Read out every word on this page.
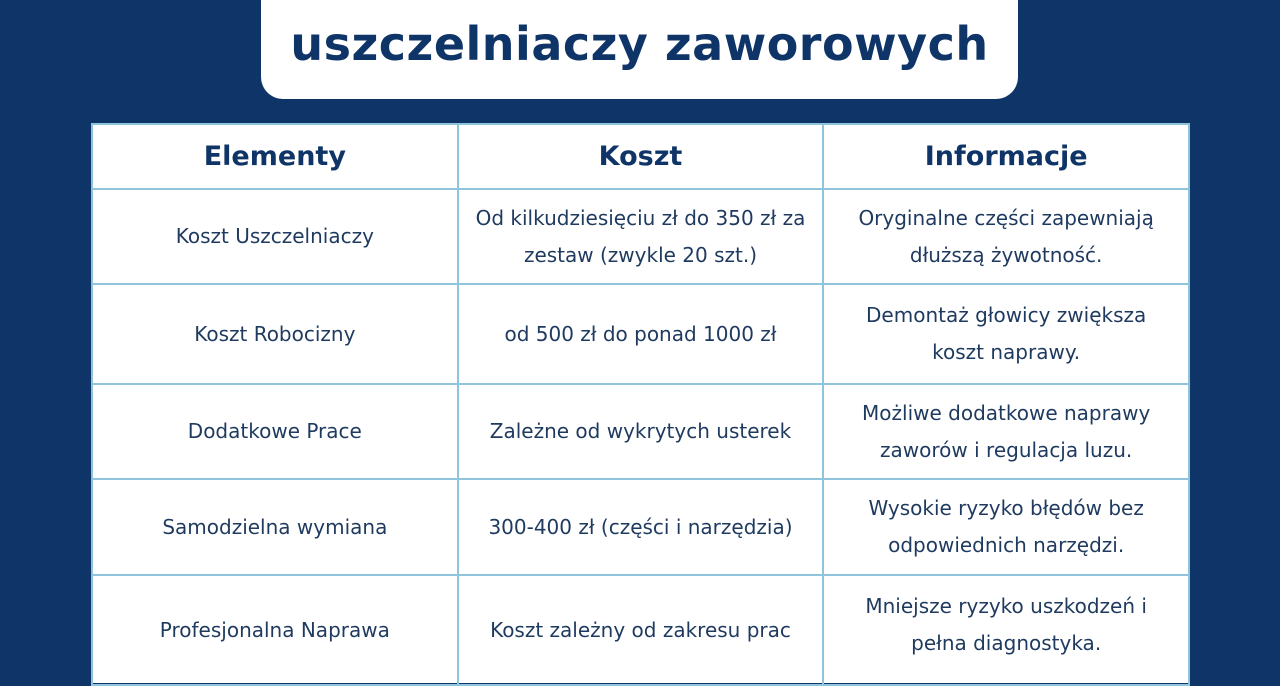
uszczelniaczy zaworowych
Elementy	Koszt	Informacje
Koszt Uszczelniaczy	Od kilkudziesięciu zł do 350 zł za zestaw (zwykle 20 szt.)	Oryginalne części zapewniają dłuższą żywotność.
Koszt Robocizny	od 500 zł do ponad 1000 zł	Demontaż głowicy zwiększa koszt naprawy.
Dodatkowe Prace	Zależne od wykrytych usterek	Możliwe dodatkowe naprawy zaworów i regulacja luzu.
Samodzielna wymiana	300-400 zł (części i narzędzia)	Wysokie ryzyko błędów bez odpowiednich narzędzi.
Profesjonalna Naprawa	Koszt zależny od zakresu prac	Mniejsze ryzyko uszkodzeń i pełna diagnostyka.
